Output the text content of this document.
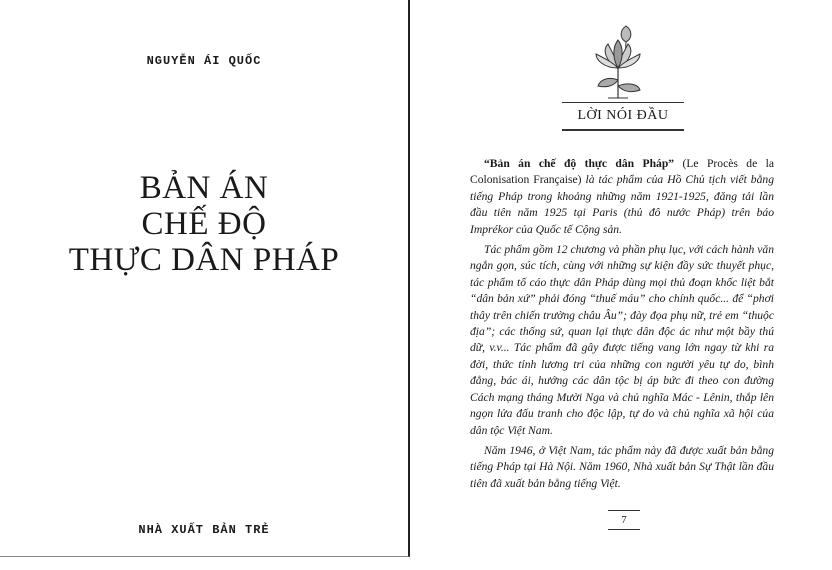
NGUYỄN ÁI QUỐC
BẢN ÁN
CHẾ ĐỘ
THỰC DÂN PHÁP
NHÀ XUẤT BẢN TRẺ
LỜI NÓI ĐẦU

“Bản án chế độ thực dân Pháp” (Le Procès de la Colonisation Française) là tác phẩm của Hồ Chủ tịch viết bằng tiếng Pháp trong khoảng những năm 1921-1925, đăng tải lần đầu tiên năm 1925 tại Paris (thủ đô nước Pháp) trên báo Imprékor của Quốc tế Cộng sản.

Tác phẩm gồm 12 chương và phần phụ lục, với cách hành văn ngắn gọn, súc tích, cùng với những sự kiện đầy sức thuyết phục, tác phẩm tố cáo thực dân Pháp dùng mọi thủ đoạn khốc liệt bắt “dân bản xứ” phải đóng “thuế máu” cho chính quốc... để “phơi thây trên chiến trường châu Âu”; đày đọa phụ nữ, trẻ em “thuộc địa”; các thống sứ, quan lại thực dân độc ác như một bầy thú dữ, v.v... Tác phẩm đã gây được tiếng vang lớn ngay từ khi ra đời, thức tỉnh lương tri của những con người yêu tự do, bình đẳng, bác ái, hướng các dân tộc bị áp bức đi theo con đường Cách mạng tháng Mười Nga và chủ nghĩa Mác - Lênin, thắp lên ngọn lửa đấu tranh cho độc lập, tự do và chủ nghĩa xã hội của dân tộc Việt Nam.

Năm 1946, ở Việt Nam, tác phẩm này đã được xuất bản bằng tiếng Pháp tại Hà Nội. Năm 1960, Nhà xuất bản Sự Thật lần đầu tiên đã xuất bản bằng tiếng Việt.

7
